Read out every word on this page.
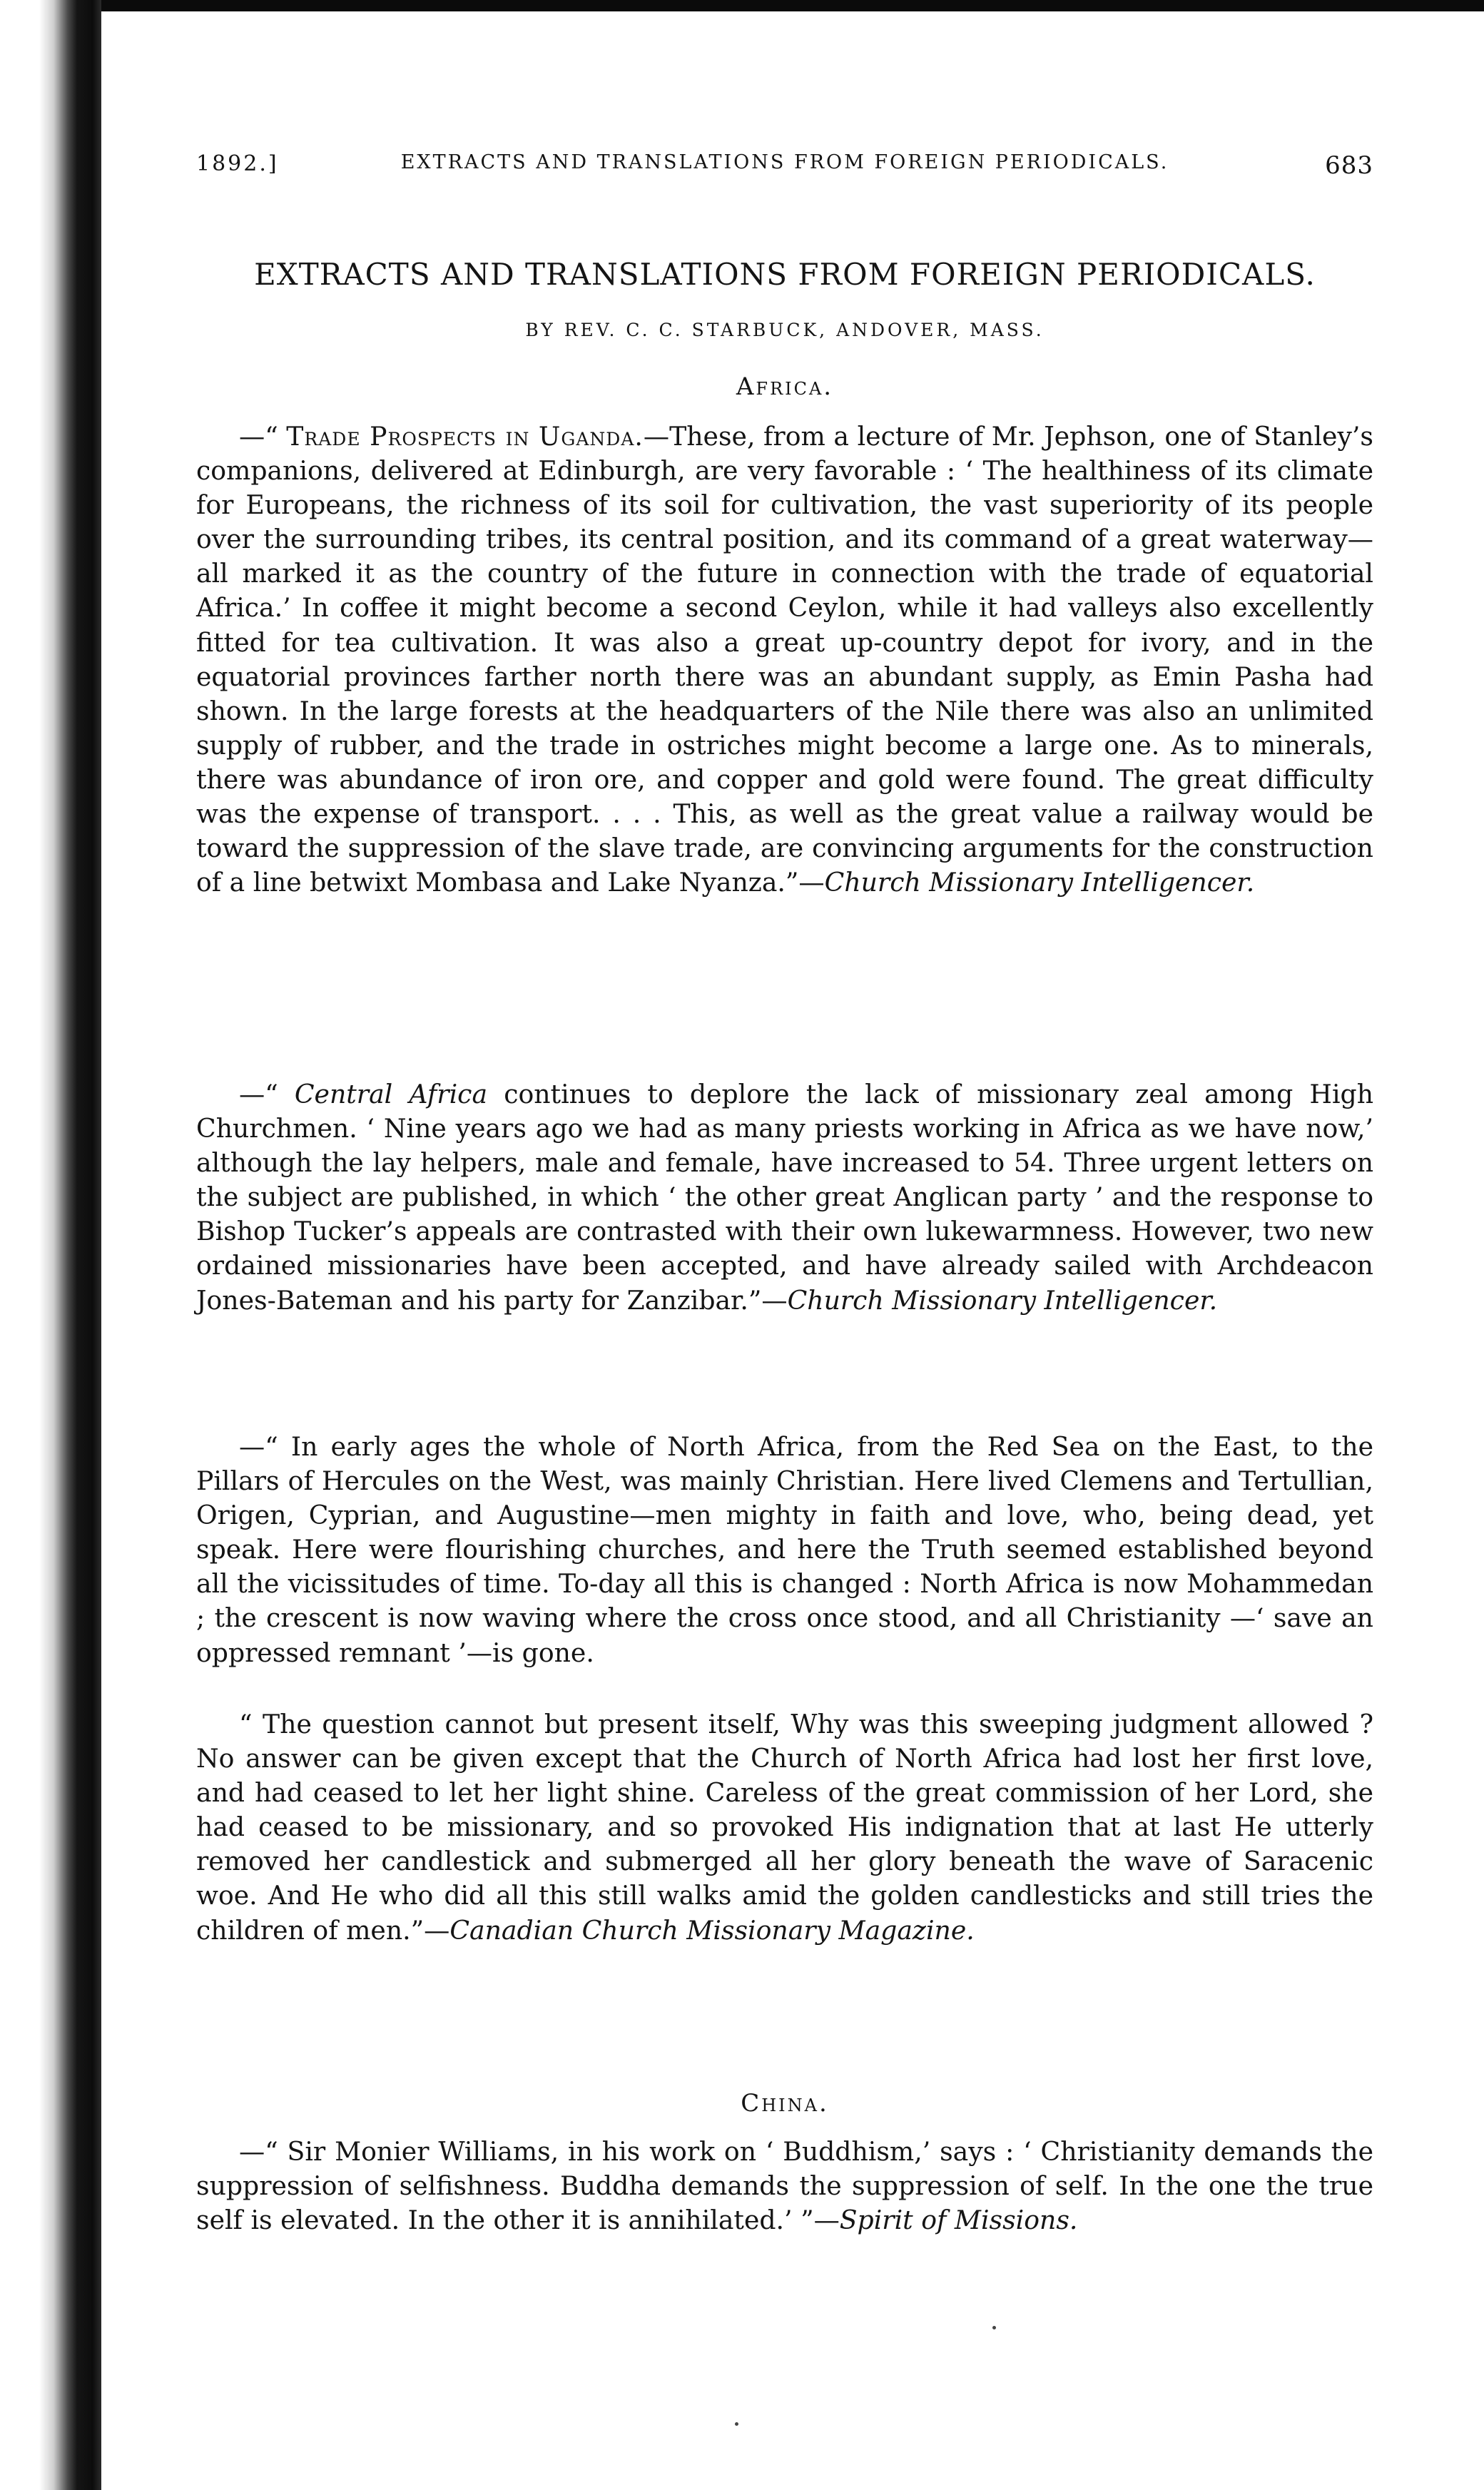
1892.]	EXTRACTS AND TRANSLATIONS FROM FOREIGN PERIODICALS.	683
EXTRACTS AND TRANSLATIONS FROM FOREIGN PERIODICALS.
BY REV. C. C. STARBUCK, ANDOVER, MASS.
Africa.

—“ Trade Prospects in Uganda.—These, from a lecture of Mr. Jephson, one of Stanley’s companions, delivered at Edinburgh, are very favorable : ‘ The healthiness of its climate for Europeans, the richness of its soil for cultivation, the vast superiority of its people over the surrounding tribes, its central position, and its command of a great waterway—all marked it as the country of the future in connection with the trade of equatorial Africa.’ In coffee it might become a second Ceylon, while it had valleys also excellently fitted for tea cultivation. It was also a great up-country depot for ivory, and in the equatorial provinces farther north there was an abundant supply, as Emin Pasha had shown. In the large forests at the headquarters of the Nile there was also an unlimited supply of rubber, and the trade in ostriches might become a large one. As to minerals, there was abundance of iron ore, and copper and gold were found. The great difficulty was the expense of transport. . . . This, as well as the great value a railway would be toward the suppression of the slave trade, are convincing arguments for the construction of a line betwixt Mombasa and Lake Nyanza.”—Church Missionary Intelligencer.

—“ Central Africa continues to deplore the lack of missionary zeal among High Churchmen. ‘ Nine years ago we had as many priests working in Africa as we have now,’ although the lay helpers, male and female, have increased to 54. Three urgent letters on the subject are published, in which ‘ the other great Anglican party ’ and the response to Bishop Tucker’s appeals are contrasted with their own lukewarmness. However, two new ordained missionaries have been accepted, and have already sailed with Archdeacon Jones-Bateman and his party for Zanzibar.”—Church Missionary Intelligencer.

—“ In early ages the whole of North Africa, from the Red Sea on the East, to the Pillars of Hercules on the West, was mainly Christian. Here lived Clemens and Tertullian, Origen, Cyprian, and Augustine—men mighty in faith and love, who, being dead, yet speak. Here were flourishing churches, and here the Truth seemed established beyond all the vicissitudes of time. To-day all this is changed : North Africa is now Mohammedan ; the crescent is now waving where the cross once stood, and all Christianity —‘ save an oppressed remnant ’—is gone.

“ The question cannot but present itself, Why was this sweeping judgment allowed ? No answer can be given except that the Church of North Africa had lost her first love, and had ceased to let her light shine. Careless of the great commission of her Lord, she had ceased to be missionary, and so provoked His indignation that at last He utterly removed her candlestick and submerged all her glory beneath the wave of Saracenic woe. And He who did all this still walks amid the golden candlesticks and still tries the children of men.”—Canadian Church Missionary Magazine.

China.

—“ Sir Monier Williams, in his work on ‘ Buddhism,’ says : ‘ Christianity demands the suppression of selfishness. Buddha demands the suppression of self. In the one the true self is elevated. In the other it is annihilated.’ ”—Spirit of Missions.
